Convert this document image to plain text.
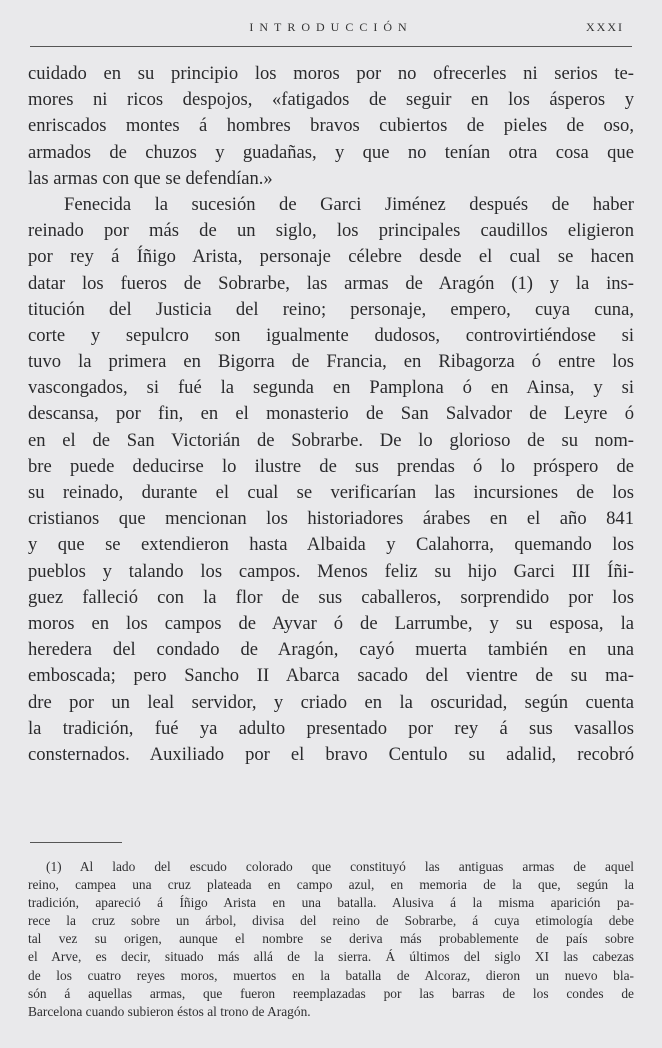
INTRODUCCIÓN	XXXI
cuidado en su principio los moros por no ofrecerles ni serios te-
mores ni ricos despojos, «fatigados de seguir en los ásperos y
enriscados montes á hombres bravos cubiertos de pieles de oso,
armados de chuzos y guadañas, y que no tenían otra cosa que
las armas con que se defendían.»
Fenecida la sucesión de Garci Jiménez después de haber
reinado por más de un siglo, los principales caudillos eligieron
por rey á Íñigo Arista, personaje célebre desde el cual se hacen
datar los fueros de Sobrarbe, las armas de Aragón (1) y la ins-
titución del Justicia del reino; personaje, empero, cuya cuna,
corte y sepulcro son igualmente dudosos, controvirtiéndose si
tuvo la primera en Bigorra de Francia, en Ribagorza ó entre los
vascongados, si fué la segunda en Pamplona ó en Ainsa, y si
descansa, por fin, en el monasterio de San Salvador de Leyre ó
en el de San Victorián de Sobrarbe. De lo glorioso de su nom-
bre puede deducirse lo ilustre de sus prendas ó lo próspero de
su reinado, durante el cual se verificarían las incursiones de los
cristianos que mencionan los historiadores árabes en el año 841
y que se extendieron hasta Albaida y Calahorra, quemando los
pueblos y talando los campos. Menos feliz su hijo Garci III Íñi-
guez falleció con la flor de sus caballeros, sorprendido por los
moros en los campos de Ayvar ó de Larrumbe, y su esposa, la
heredera del condado de Aragón, cayó muerta también en una
emboscada; pero Sancho II Abarca sacado del vientre de su ma-
dre por un leal servidor, y criado en la oscuridad, según cuenta
la tradición, fué ya adulto presentado por rey á sus vasallos
consternados. Auxiliado por el bravo Centulo su adalid, recobró
(1) Al lado del escudo colorado que constituyó las antiguas armas de aquel
reino, campea una cruz plateada en campo azul, en memoria de la que, según la
tradición, apareció á Íñigo Arista en una batalla. Alusiva á la misma aparición pa-
rece la cruz sobre un árbol, divisa del reino de Sobrarbe, á cuya etimología debe
tal vez su origen, aunque el nombre se deriva más probablemente de país sobre
el Arve, es decir, situado más allá de la sierra. Á últimos del siglo XI las cabezas
de los cuatro reyes moros, muertos en la batalla de Alcoraz, dieron un nuevo bla-
són á aquellas armas, que fueron reemplazadas por las barras de los condes de
Barcelona cuando subieron éstos al trono de Aragón.
